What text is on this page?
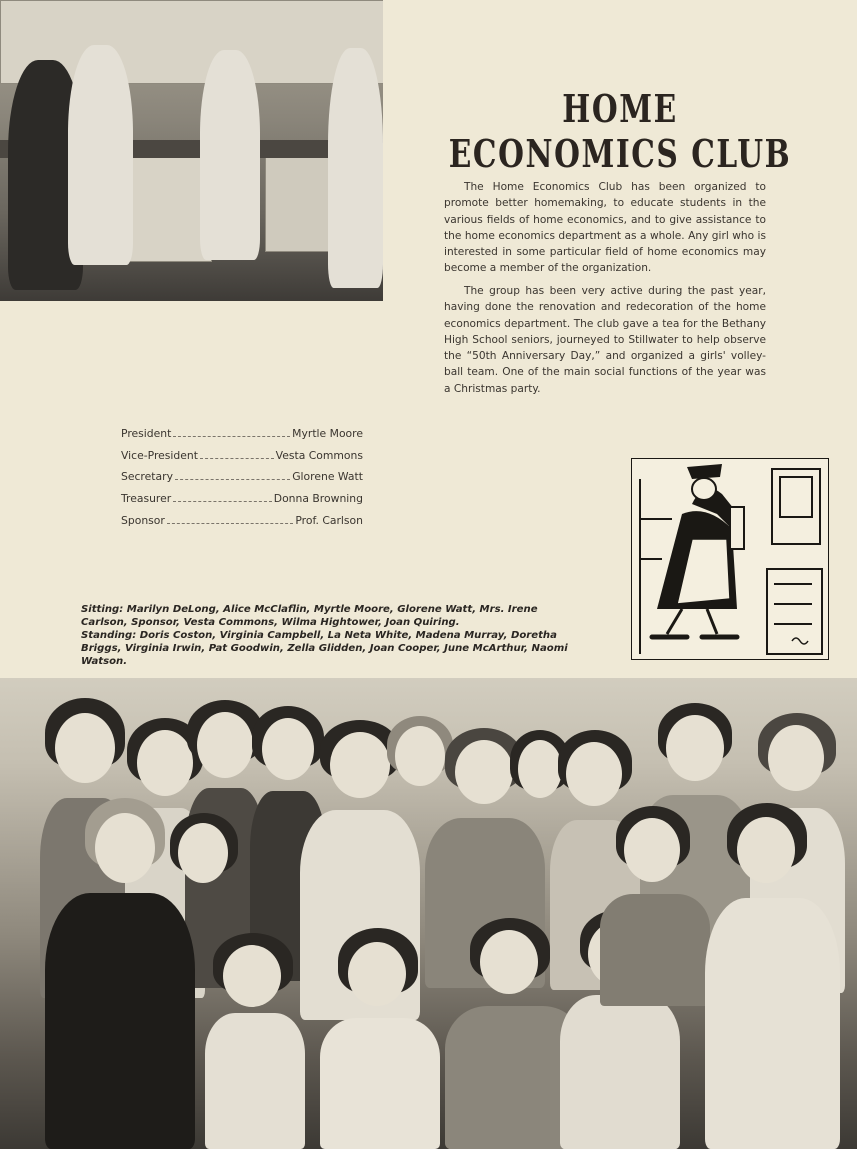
HOME ECONOMICS CLUB

The Home Economics Club has been organized to promote better homemaking, to educate students in the various fields of home economics, and to give assistance to the home economics department as a whole. Any girl who is interested in some particular field of home economics may become a member of the organization.

The group has been very active during the past year, having done the renovation and redecoration of the home economics department. The club gave a tea for the Bethany High School seniors, journeyed to Stillwater to help observe the “50th Anniversary Day,” and organized a girls' volley-ball team. One of the main social functions of the year was a Christmas party.

President	Myrtle Moore
Vice-President	Vesta Commons
Secretary	Glorene Watt
Treasurer	Donna Browning
Sponsor	Prof. Carlson

Sitting: Marilyn DeLong, Alice McClaflin, Myrtle Moore, Glorene Watt, Mrs. Irene Carlson, Sponsor, Vesta Commons, Wilma Hightower, Joan Quiring.

Standing: Doris Coston, Virginia Campbell, La Neta White, Madena Murray, Doretha Briggs, Virginia Irwin, Pat Goodwin, Zella Glidden, Joan Cooper, June McArthur, Naomi Watson.
